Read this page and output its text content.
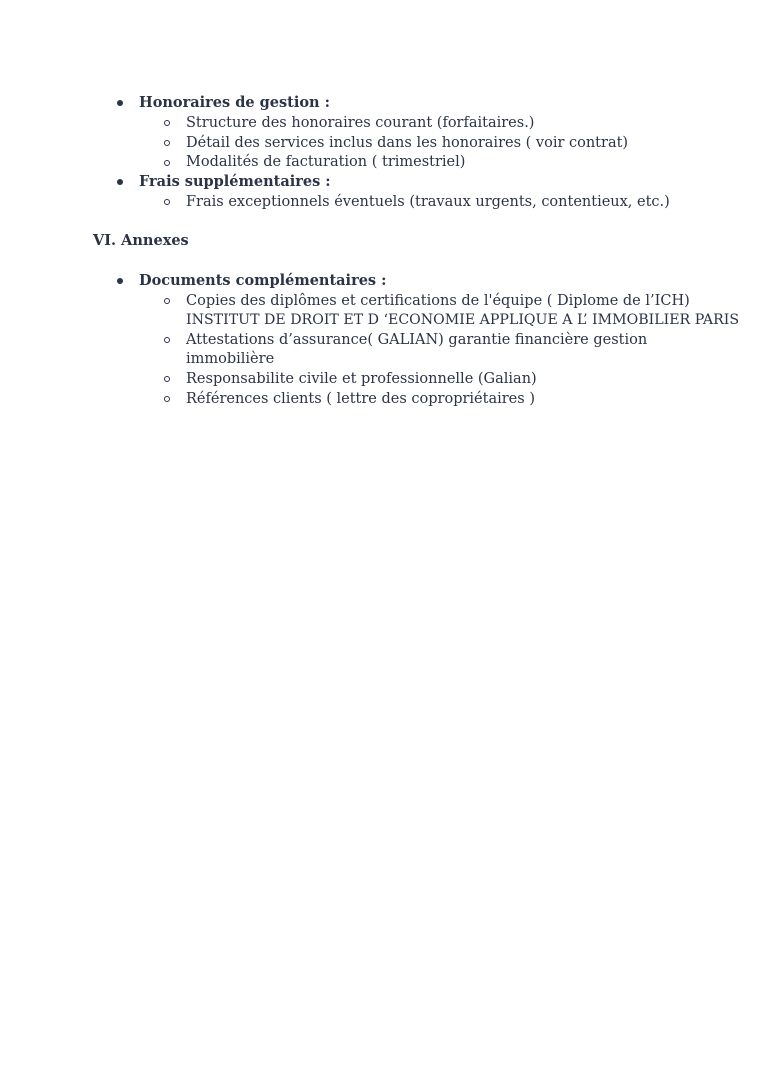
Honoraires de gestion :
Structure des honoraires courant (forfaitaires.)
Détail des services inclus dans les honoraires ( voir contrat)
Modalités de facturation ( trimestriel)
Frais supplémentaires :
Frais exceptionnels éventuels (travaux urgents, contentieux, etc.)
VI. Annexes
Documents complémentaires :
Copies des diplômes et certifications de l'équipe ( Diplome de l’ICH)
INSTITUT DE DROIT ET D ‘ECONOMIE APPLIQUE A L’ IMMOBILIER PARIS
Attestations d’assurance( GALIAN) garantie financière gestion
immobilière
Responsabilite civile et professionnelle (Galian)
Références clients ( lettre des copropriétaires )
